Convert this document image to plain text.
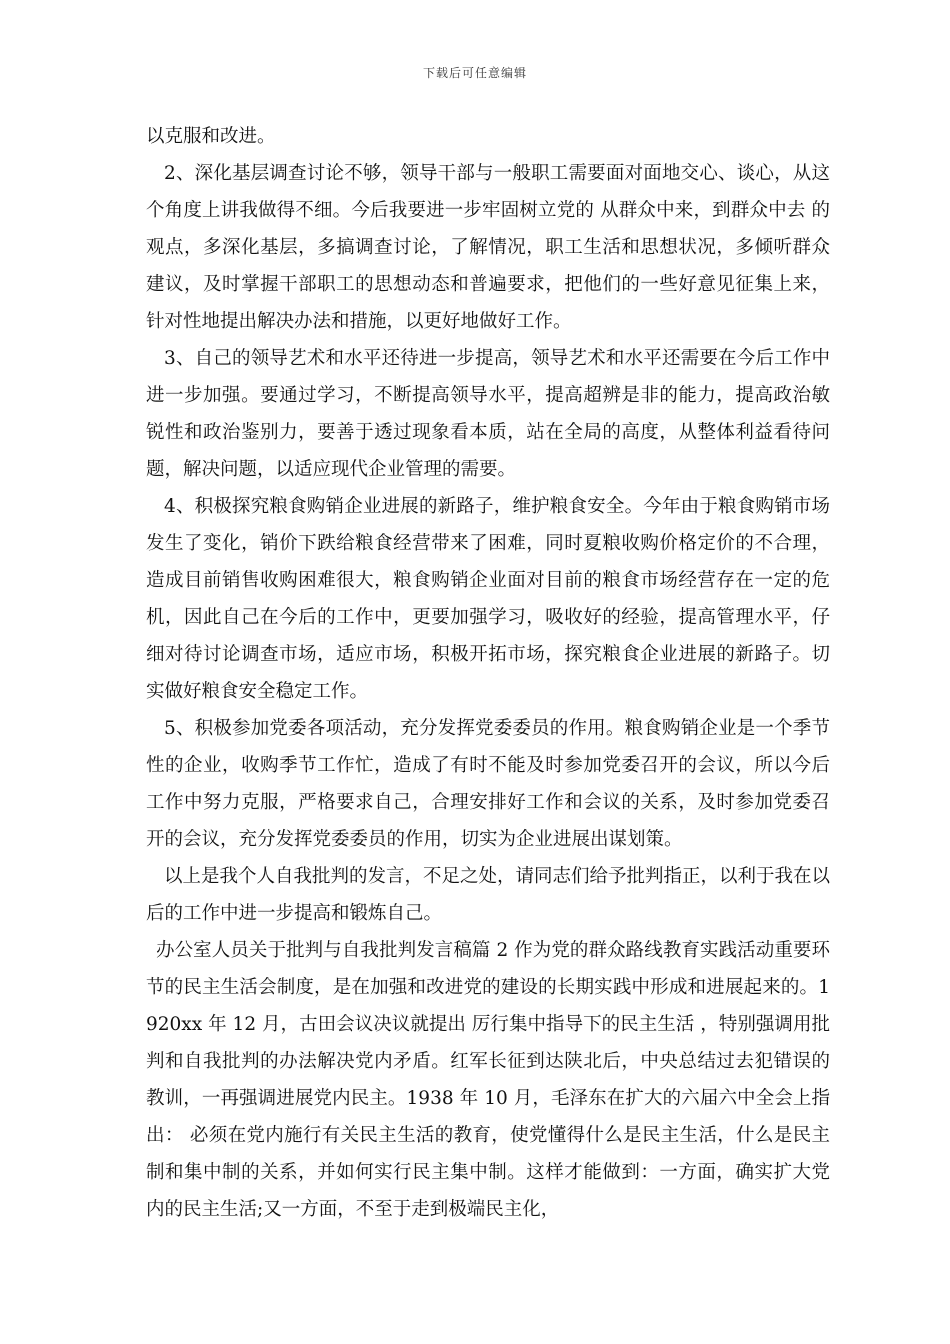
下载后可任意编辑

以克服和改进。

2、深化基层调查讨论不够，领导干部与一般职工需要面对面地交心、谈心，从这个角度上讲我做得不细。今后我要进一步牢固树立党的 从群众中来，到群众中去 的观点，多深化基层，多搞调查讨论，了解情况，职工生活和思想状况，多倾听群众建议，及时掌握干部职工的思想动态和普遍要求，把他们的一些好意见征集上来，针对性地提出解决办法和措施，以更好地做好工作。

3、自己的领导艺术和水平还待进一步提高，领导艺术和水平还需要在今后工作中进一步加强。要通过学习，不断提高领导水平，提高超辨是非的能力，提高政治敏锐性和政治鉴别力，要善于透过现象看本质，站在全局的高度，从整体利益看待问题，解决问题，以适应现代企业管理的需要。

4、积极探究粮食购销企业进展的新路子，维护粮食安全。今年由于粮食购销市场发生了变化，销价下跌给粮食经营带来了困难，同时夏粮收购价格定价的不合理，造成目前销售收购困难很大，粮食购销企业面对目前的粮食市场经营存在一定的危机，因此自己在今后的工作中，更要加强学习，吸收好的经验，提高管理水平，仔细对待讨论调查市场，适应市场，积极开拓市场，探究粮食企业进展的新路子。切实做好粮食安全稳定工作。

5、积极参加党委各项活动，充分发挥党委委员的作用。粮食购销企业是一个季节性的企业，收购季节工作忙，造成了有时不能及时参加党委召开的会议，所以今后工作中努力克服，严格要求自己，合理安排好工作和会议的关系，及时参加党委召开的会议，充分发挥党委委员的作用，切实为企业进展出谋划策。

以上是我个人自我批判的发言，不足之处，请同志们给予批判指正，以利于我在以后的工作中进一步提高和锻炼自己。

办公室人员关于批判与自我批判发言稿篇 2 作为党的群众路线教育实践活动重要环节的民主生活会制度，是在加强和改进党的建设的长期实践中形成和进展起来的。1920xx 年 12 月，古田会议决议就提出 厉行集中指导下的民主生活 ，特别强调用批判和自我批判的办法解决党内矛盾。红军长征到达陕北后，中央总结过去犯错误的教训，一再强调进展党内民主。1938 年 10 月，毛泽东在扩大的六届六中全会上指出： 必须在党内施行有关民主生活的教育，使党懂得什么是民主生活，什么是民主制和集中制的关系，并如何实行民主集中制。这样才能做到：一方面，确实扩大党内的民主生活;又一方面，不至于走到极端民主化，
